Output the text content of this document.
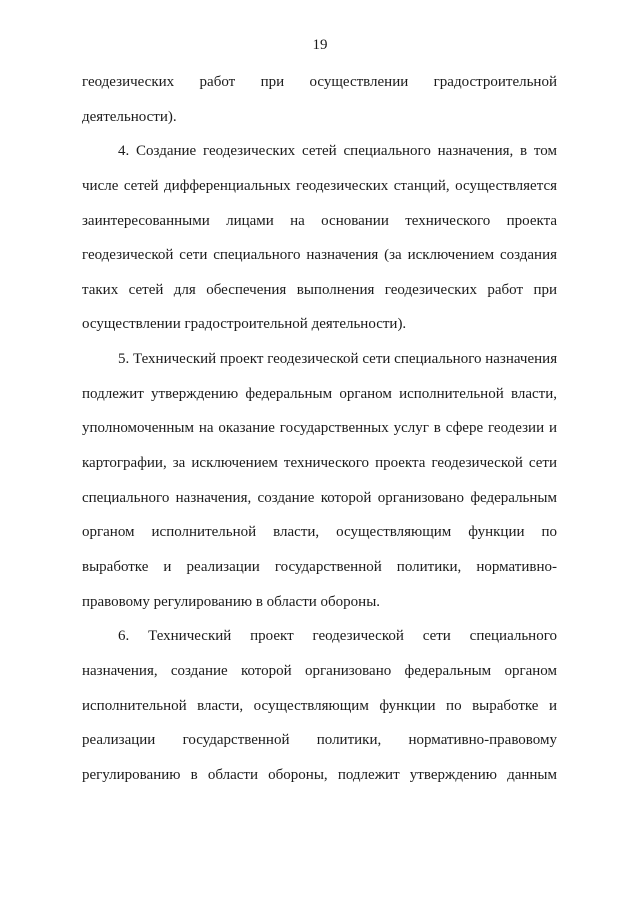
19
геодезических работ при осуществлении градостроительной
деятельности).
4. Создание геодезических сетей специального назначения, в том
числе сетей дифференциальных геодезических станций, осуществляется
заинтересованными лицами на основании технического проекта
геодезической сети специального назначения (за исключением создания
таких сетей для обеспечения выполнения геодезических работ при
осуществлении градостроительной деятельности).
5. Технический проект геодезической сети специального назначения
подлежит утверждению федеральным органом исполнительной власти,
уполномоченным на оказание государственных услуг в сфере геодезии и
картографии, за исключением технического проекта геодезической сети
специального назначения, создание которой организовано федеральным
органом исполнительной власти, осуществляющим функции по
выработке и реализации государственной политики, нормативно-
правовому регулированию в области обороны.
6. Технический проект геодезической сети специального
назначения, создание которой организовано федеральным органом
исполнительной власти, осуществляющим функции по выработке и
реализации государственной политики, нормативно-правовому
регулированию в области обороны, подлежит утверждению данным
